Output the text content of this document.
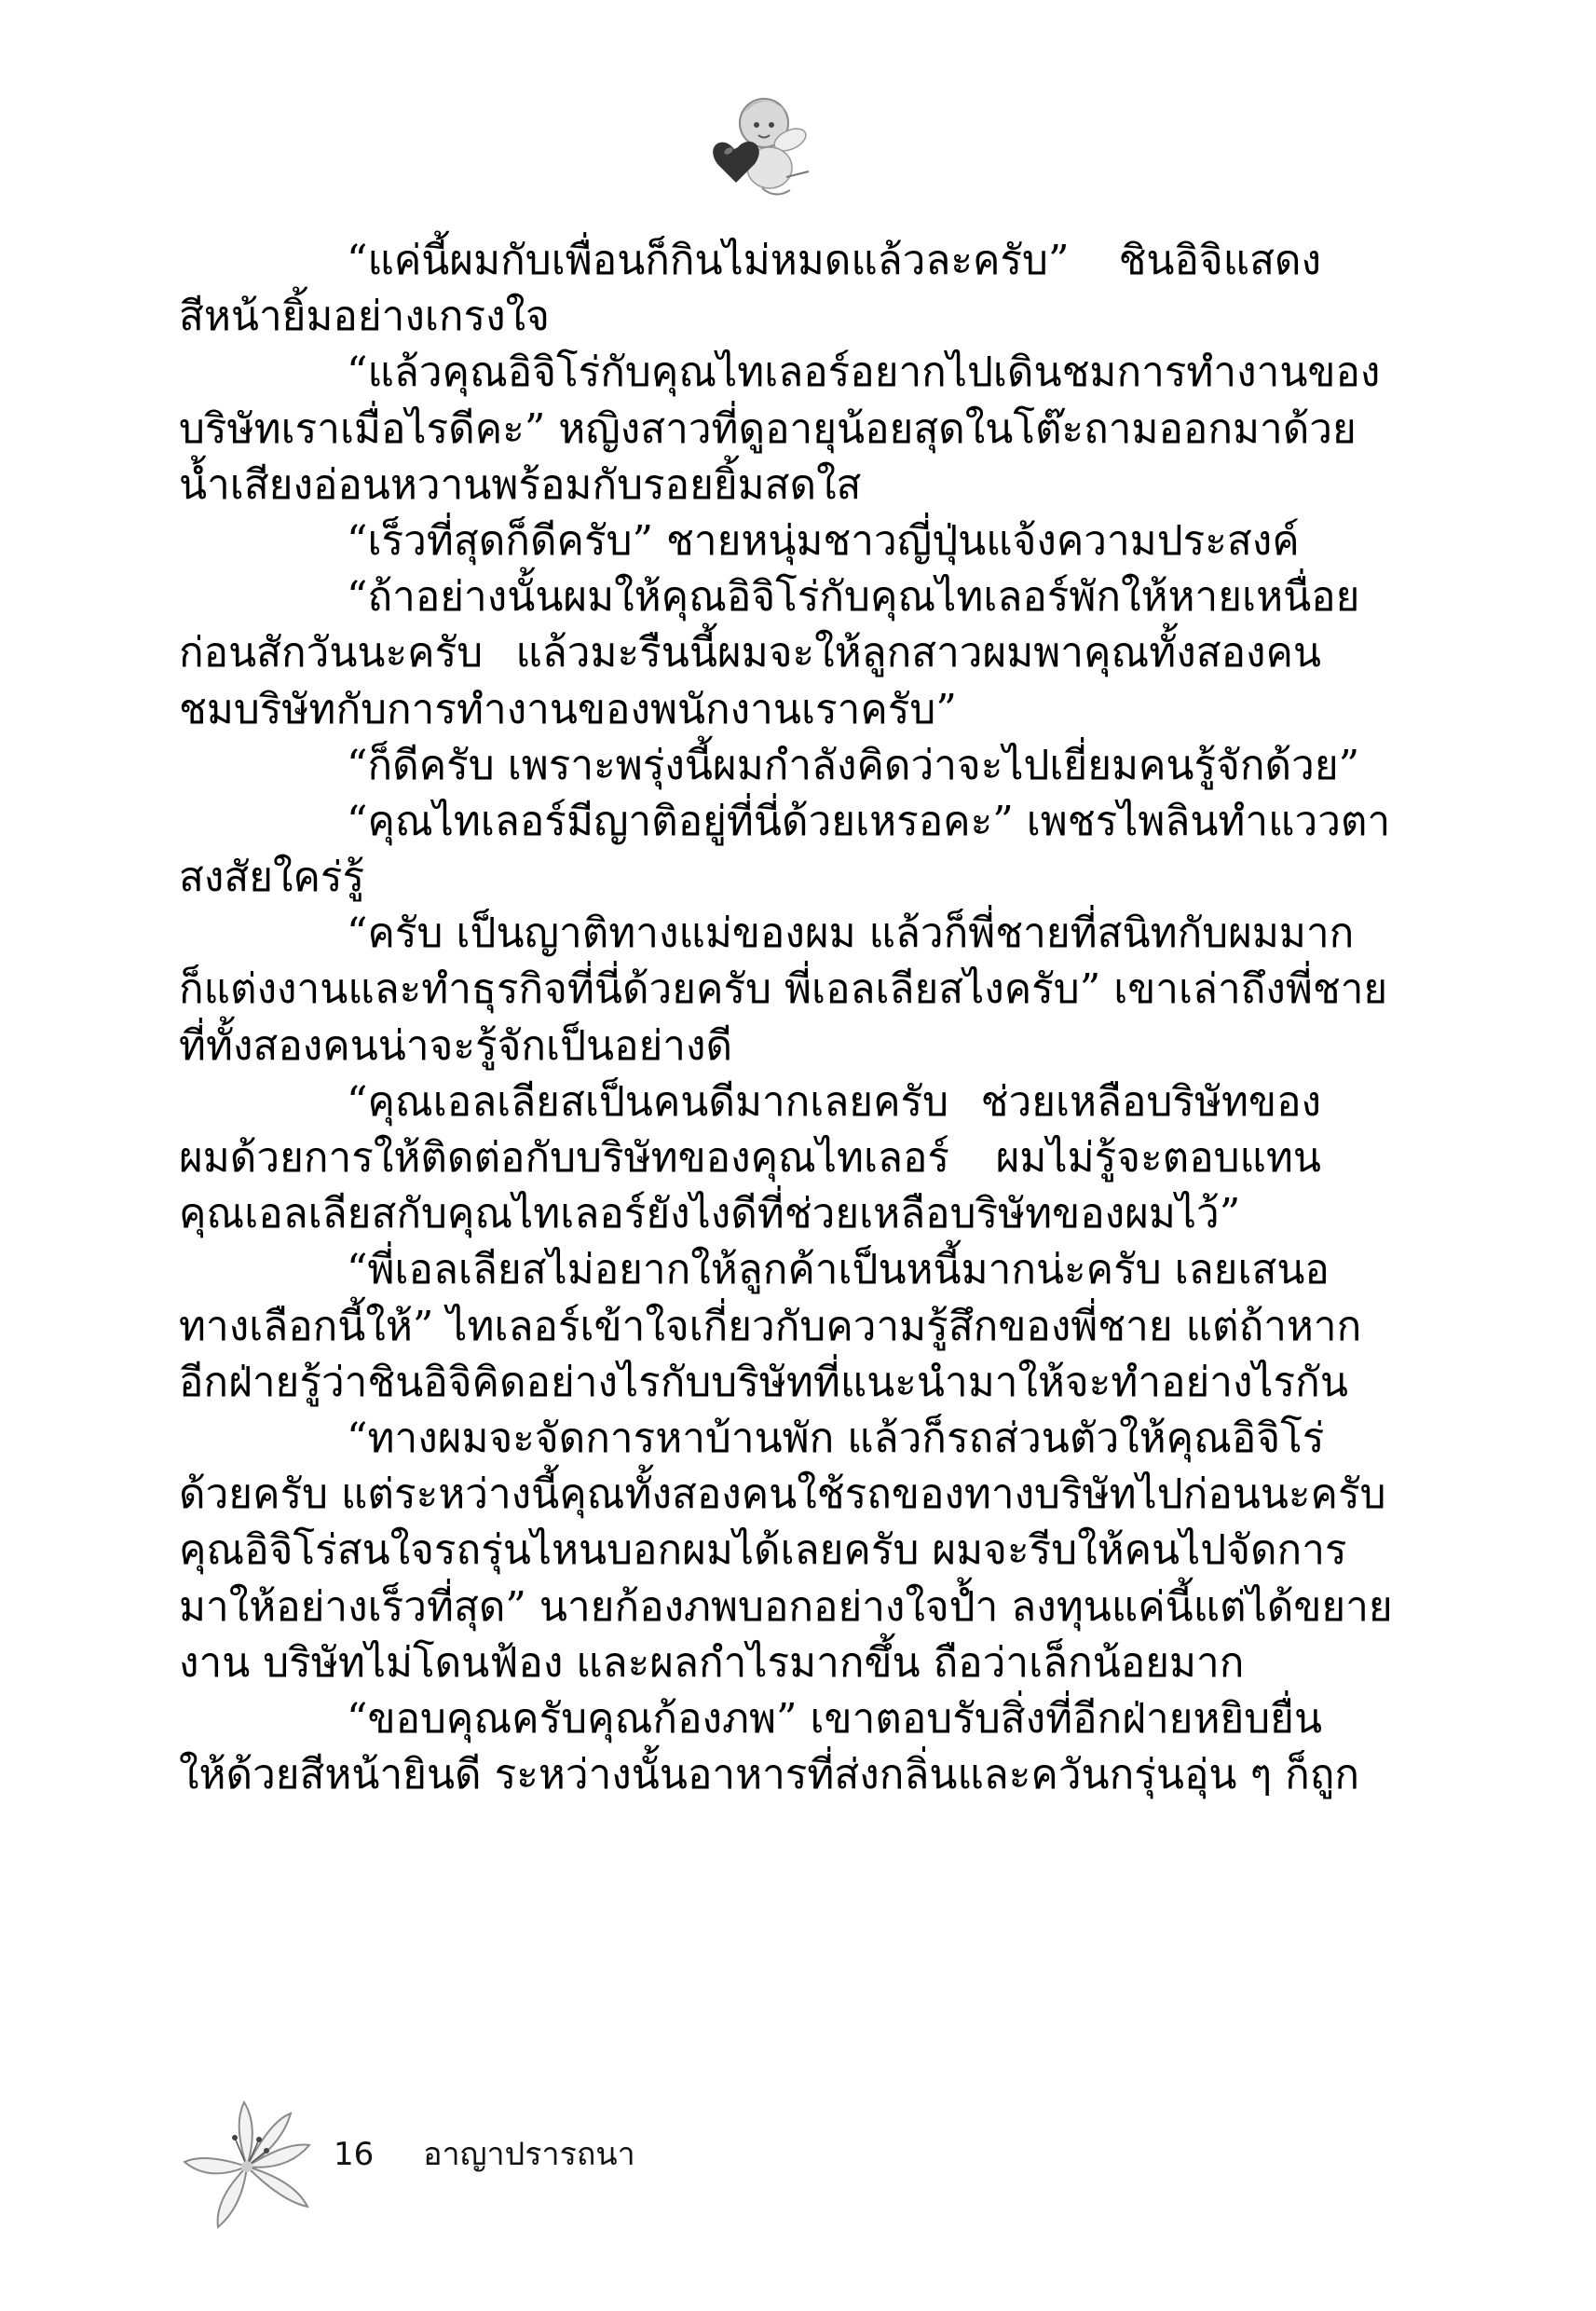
“แค่นี้ผมกับเพื่อนก็กินไม่หมดแล้วละครับ” ชินอิจิแสดง
สีหน้ายิ้มอย่างเกรงใจ
“แล้วคุณอิจิโร่กับคุณไทเลอร์อยากไปเดินชมการทำงานของ
บริษัทเราเมื่อไรดีคะ” หญิงสาวที่ดูอายุน้อยสุดในโต๊ะถามออกมาด้วย
น้ำเสียงอ่อนหวานพร้อมกับรอยยิ้มสดใส
“เร็วที่สุดก็ดีครับ” ชายหนุ่มชาวญี่ปุ่นแจ้งความประสงค์
“ถ้าอย่างนั้นผมให้คุณอิจิโร่กับคุณไทเลอร์พักให้หายเหนื่อย
ก่อนสักวันนะครับ แล้วมะรืนนี้ผมจะให้ลูกสาวผมพาคุณทั้งสองคน
ชมบริษัทกับการทำงานของพนักงานเราครับ”
“ก็ดีครับ เพราะพรุ่งนี้ผมกำลังคิดว่าจะไปเยี่ยมคนรู้จักด้วย”
“คุณไทเลอร์มีญาติอยู่ที่นี่ด้วยเหรอคะ” เพชรไพลินทำแววตา
สงสัยใคร่รู้
“ครับ เป็นญาติทางแม่ของผม แล้วก็พี่ชายที่สนิทกับผมมาก
ก็แต่งงานและทำธุรกิจที่นี่ด้วยครับ พี่เอลเลียสไงครับ” เขาเล่าถึงพี่ชาย
ที่ทั้งสองคนน่าจะรู้จักเป็นอย่างดี
“คุณเอลเลียสเป็นคนดีมากเลยครับ ช่วยเหลือบริษัทของ
ผมด้วยการให้ติดต่อกับบริษัทของคุณไทเลอร์ ผมไม่รู้จะตอบแทน
คุณเอลเลียสกับคุณไทเลอร์ยังไงดีที่ช่วยเหลือบริษัทของผมไว้”
“พี่เอลเลียสไม่อยากให้ลูกค้าเป็นหนี้มากน่ะครับ เลยเสนอ
ทางเลือกนี้ให้” ไทเลอร์เข้าใจเกี่ยวกับความรู้สึกของพี่ชาย แต่ถ้าหาก
อีกฝ่ายรู้ว่าชินอิจิคิดอย่างไรกับบริษัทที่แนะนำมาให้จะทำอย่างไรกัน
“ทางผมจะจัดการหาบ้านพัก แล้วก็รถส่วนตัวให้คุณอิจิโร่
ด้วยครับ แต่ระหว่างนี้คุณทั้งสองคนใช้รถของทางบริษัทไปก่อนนะครับ
คุณอิจิโร่สนใจรถรุ่นไหนบอกผมได้เลยครับ ผมจะรีบให้คนไปจัดการ
มาให้อย่างเร็วที่สุด” นายก้องภพบอกอย่างใจป้ำ ลงทุนแค่นี้แต่ได้ขยาย
งาน บริษัทไม่โดนฟ้อง และผลกำไรมากขึ้น ถือว่าเล็กน้อยมาก
“ขอบคุณครับคุณก้องภพ” เขาตอบรับสิ่งที่อีกฝ่ายหยิบยื่น
ให้ด้วยสีหน้ายินดี ระหว่างนั้นอาหารที่ส่งกลิ่นและควันกรุ่นอุ่น ๆ ก็ถูก
16 อาญาปรารถนา
